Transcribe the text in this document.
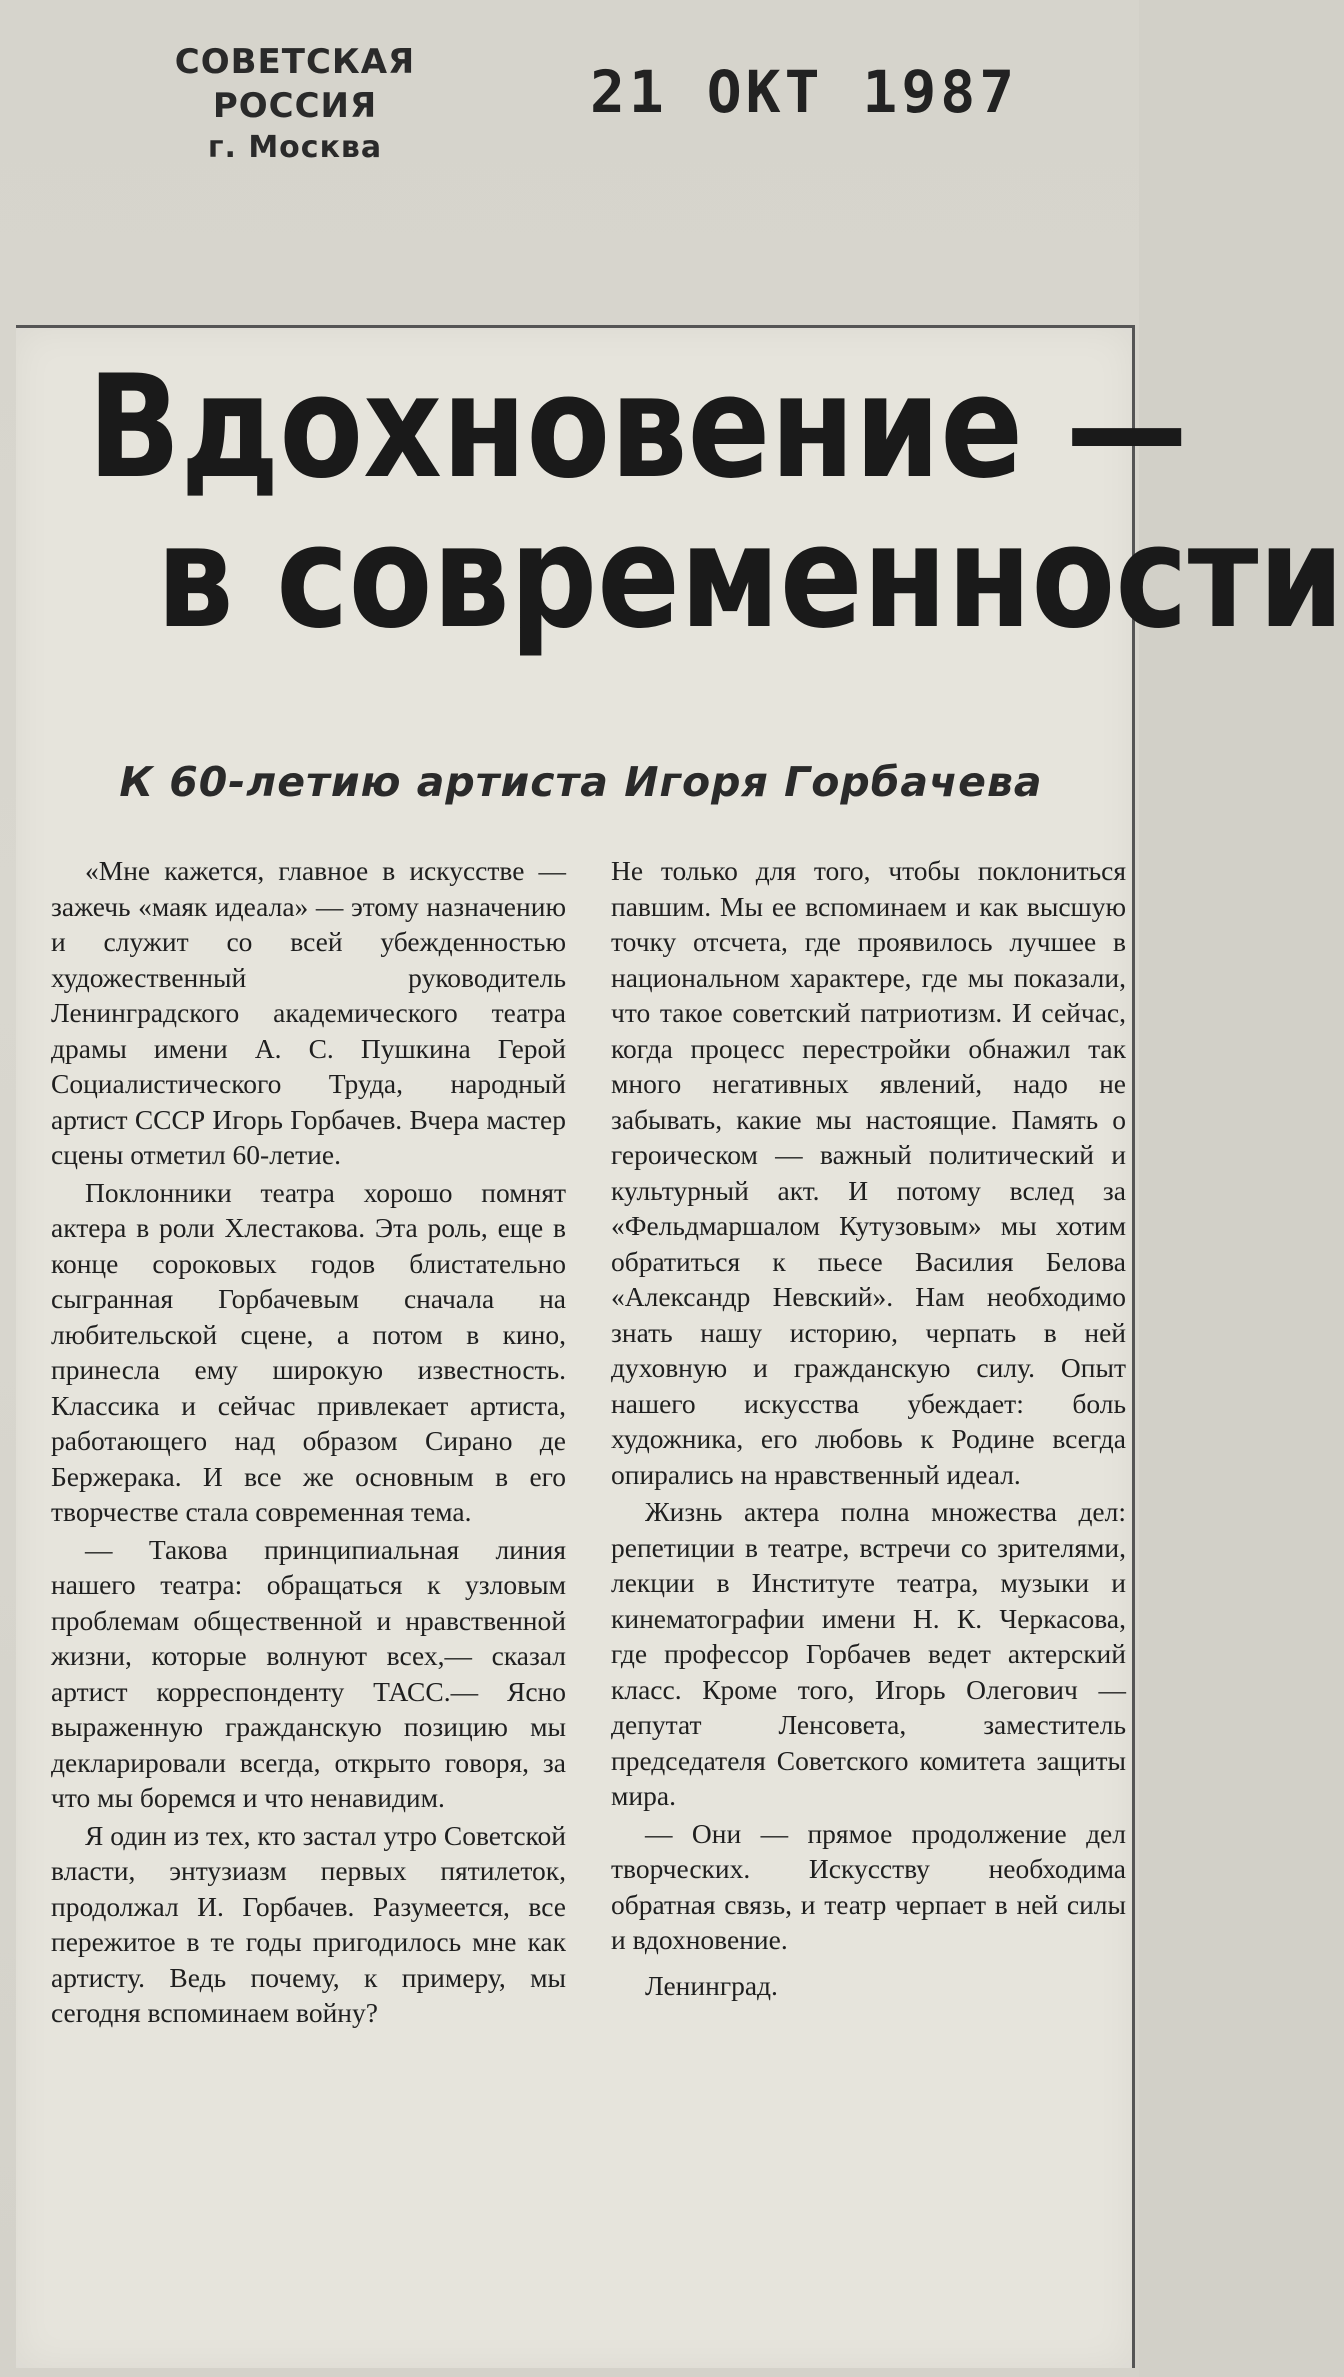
СОВЕТСКАЯ РОССИЯ
г. Москва
21 ОКТ 1987
Вдохновение —
в современности
К 60-летию артиста Игоря Горбачева

«Мне кажется, главное в искусстве — зажечь «маяк идеала» — этому назначению и служит со всей убежденностью художественный руководитель Ленинградского академического театра драмы имени А. С. Пушкина Герой Социалистического Труда, народный артист СССР Игорь Горбачев. Вчера мастер сцены отметил 60-летие.

Поклонники театра хорошо помнят актера в роли Хлестакова. Эта роль, еще в конце сороковых годов блистательно сыгранная Горбачевым сначала на любительской сцене, а потом в кино, принесла ему широкую известность. Классика и сейчас привлекает артиста, работающего над образом Сирано де Бержерака. И все же основным в его творчестве стала современная тема.

— Такова принципиальная линия нашего театра: обращаться к узловым проблемам общественной и нравственной жизни, которые волнуют всех,— сказал артист корреспонденту ТАСС.— Ясно выраженную гражданскую позицию мы декларировали всегда, открыто говоря, за что мы боремся и что ненавидим.

Я один из тех, кто застал утро Советской власти, энтузиазм первых пятилеток, продолжал И. Горбачев. Разумеется, все пережитое в те годы пригодилось мне как артисту. Ведь почему, к примеру, мы сегодня вспоминаем войну?

Не только для того, чтобы поклониться павшим. Мы ее вспоминаем и как высшую точку отсчета, где проявилось лучшее в национальном характере, где мы показали, что такое советский патриотизм. И сейчас, когда процесс перестройки обнажил так много негативных явлений, надо не забывать, какие мы настоящие. Память о героическом — важный политический и культурный акт. И потому вслед за «Фельдмаршалом Кутузовым» мы хотим обратиться к пьесе Василия Белова «Александр Невский». Нам необходимо знать нашу историю, черпать в ней духовную и гражданскую силу. Опыт нашего искусства убеждает: боль художника, его любовь к Родине всегда опирались на нравственный идеал.

Жизнь актера полна множества дел: репетиции в театре, встречи со зрителями, лекции в Институте театра, музыки и кинематографии имени Н. К. Черкасова, где профессор Горбачев ведет актерский класс. Кроме того, Игорь Олегович — депутат Ленсовета, заместитель председателя Советского комитета защиты мира.

— Они — прямое продолжение дел творческих. Искусству необходима обратная связь, и театр черпает в ней силы и вдохновение.

Ленинград.
